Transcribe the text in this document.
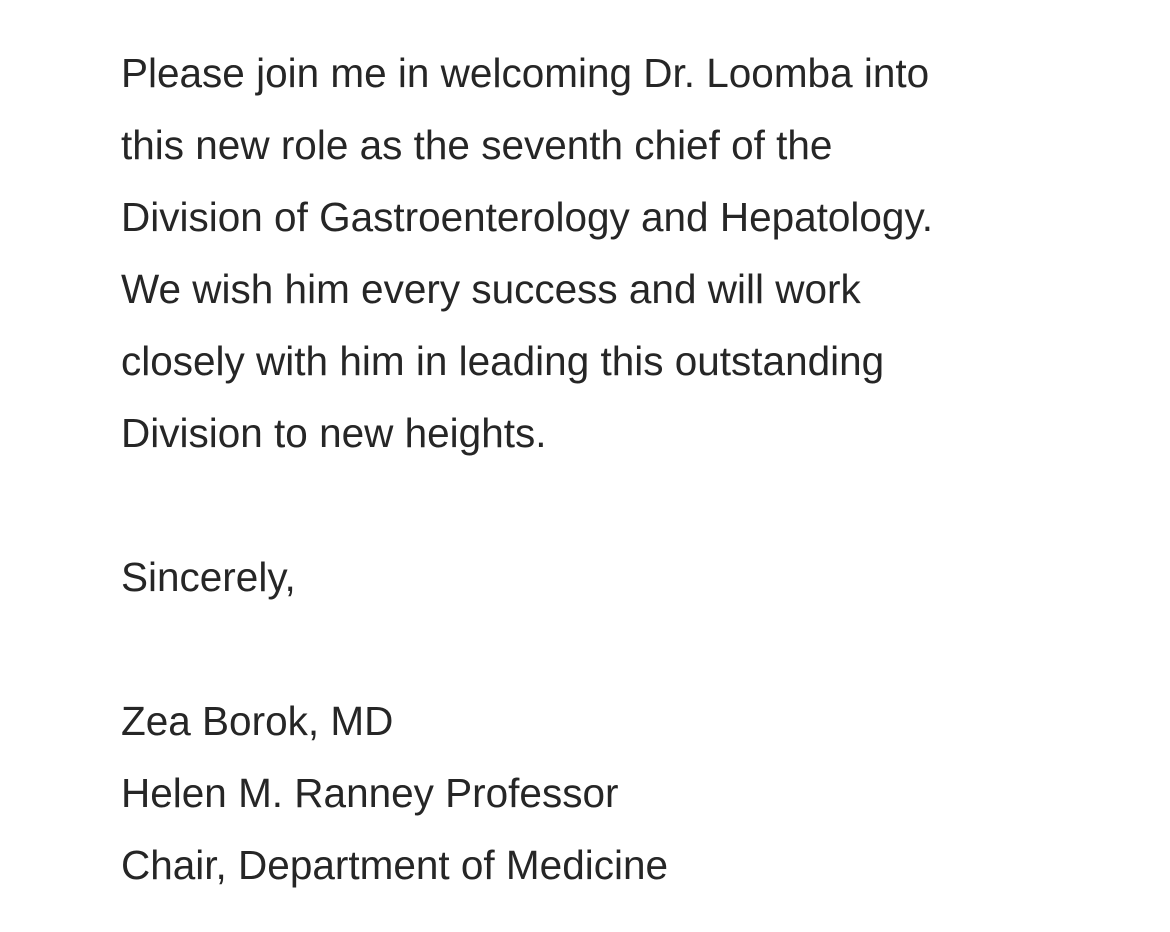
Please join me in welcoming Dr. Loomba into
this new role as the seventh chief of the
Division of Gastroenterology and Hepatology.
We wish him every success and will work
closely with him in leading this outstanding
Division to new heights.
Sincerely,
Zea Borok, MD
Helen M. Ranney Professor
Chair, Department of Medicine
